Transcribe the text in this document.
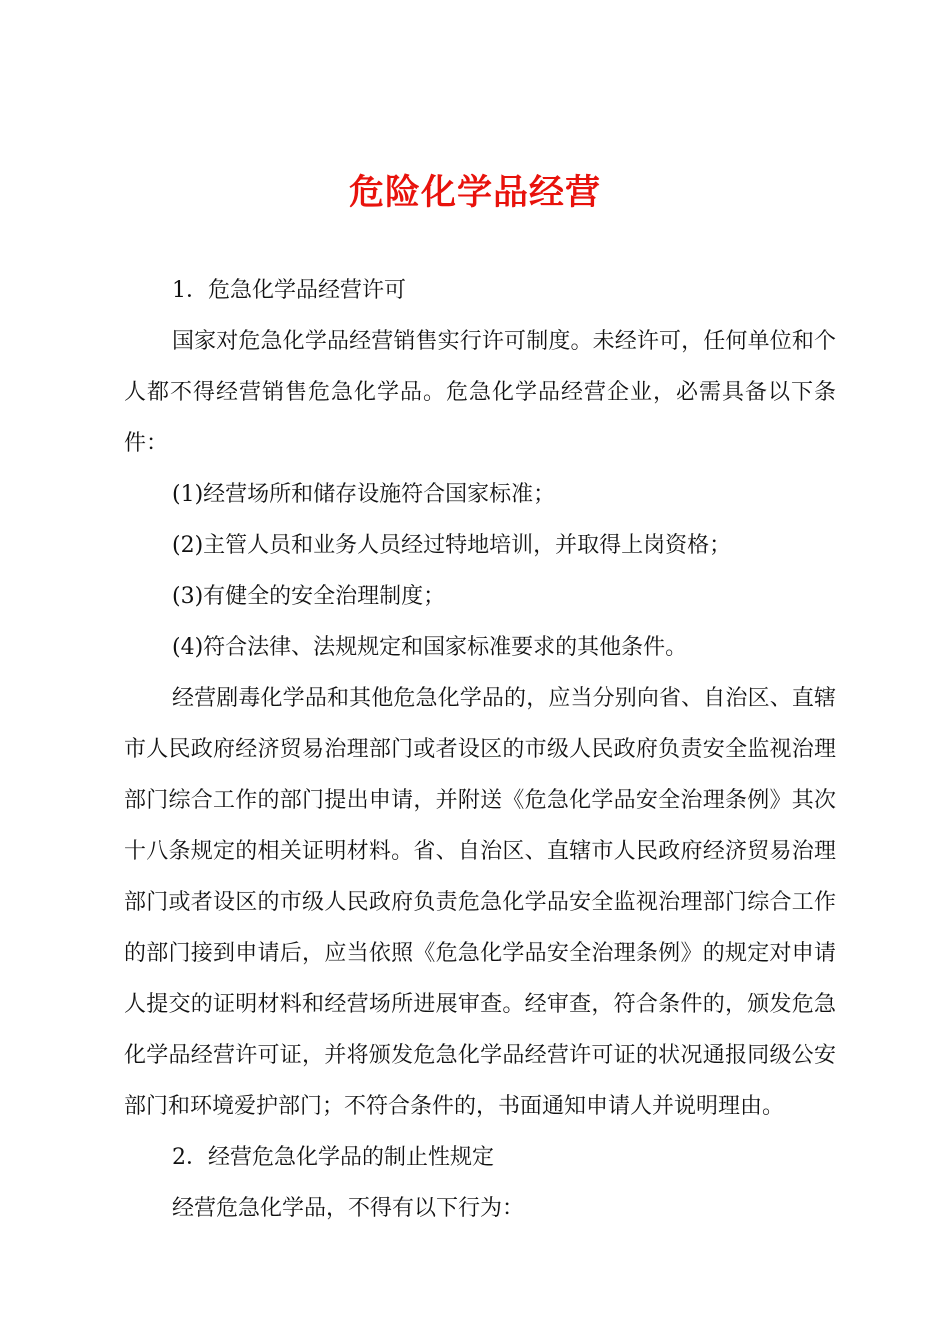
危险化学品经营

1．危急化学品经营许可

国家对危急化学品经营销售实行许可制度。未经许可，任何单位和个人都不得经营销售危急化学品。危急化学品经营企业，必需具备以下条件：

(1)经营场所和储存设施符合国家标准；

(2)主管人员和业务人员经过特地培训，并取得上岗资格；

(3)有健全的安全治理制度；

(4)符合法律、法规规定和国家标准要求的其他条件。

经营剧毒化学品和其他危急化学品的，应当分别向省、自治区、直辖市人民政府经济贸易治理部门或者设区的市级人民政府负责安全监视治理部门综合工作的部门提出申请，并附送《危急化学品安全治理条例》其次十八条规定的相关证明材料。省、自治区、直辖市人民政府经济贸易治理部门或者设区的市级人民政府负责危急化学品安全监视治理部门综合工作的部门接到申请后，应当依照《危急化学品安全治理条例》的规定对申请人提交的证明材料和经营场所进展审查。经审查，符合条件的，颁发危急化学品经营许可证，并将颁发危急化学品经营许可证的状况通报同级公安部门和环境爱护部门；不符合条件的，书面通知申请人并说明理由。

2．经营危急化学品的制止性规定

经营危急化学品，不得有以下行为：
